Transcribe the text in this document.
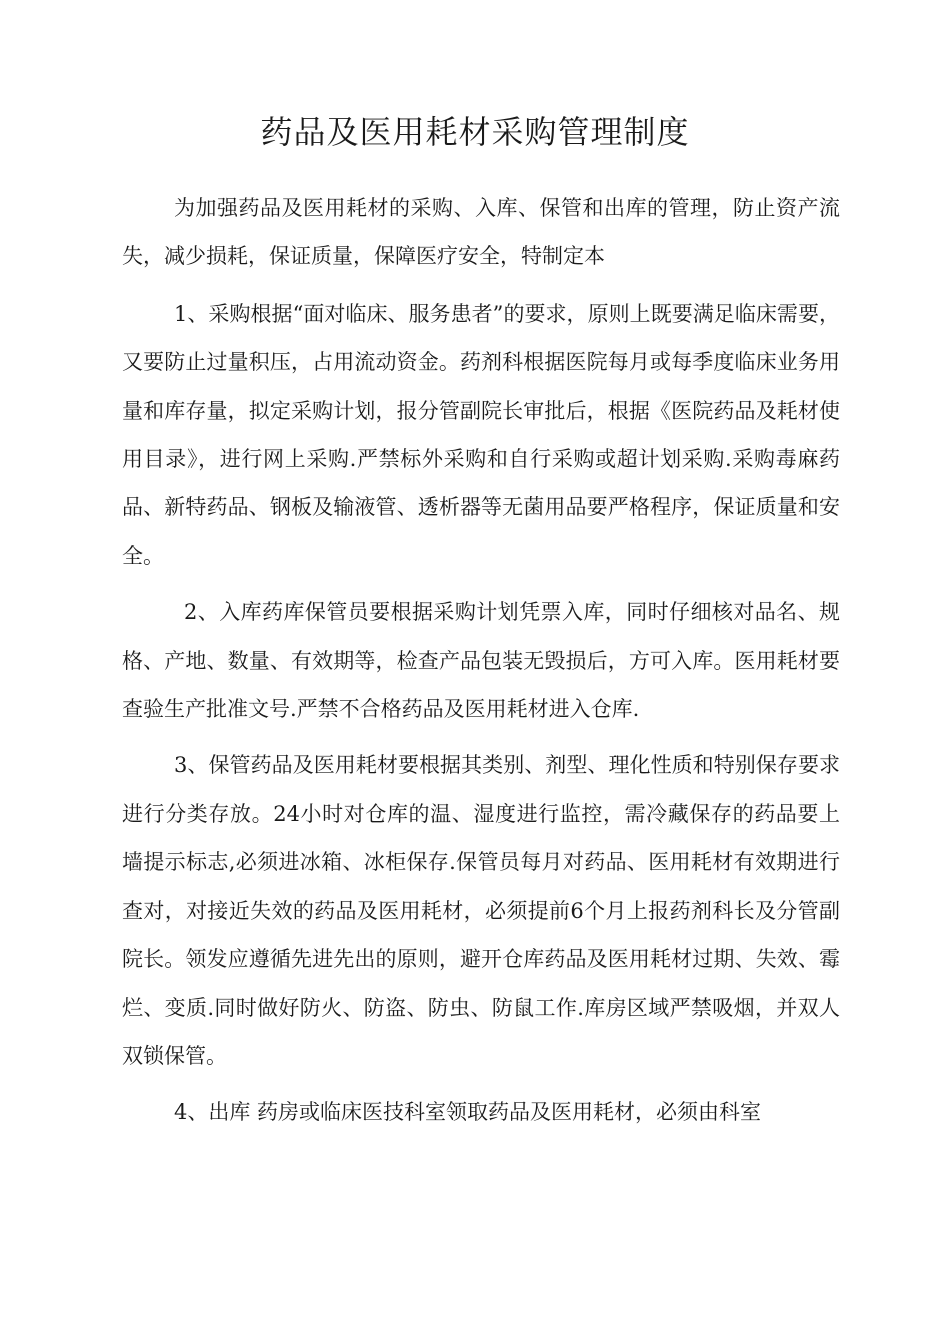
药品及医用耗材采购管理制度

为加强药品及医用耗材的采购、入库、保管和出库的管理，防止资产流失，减少损耗，保证质量，保障医疗安全，特制定本

1、采购根据“面对临床、服务患者”的要求，原则上既要满足临床需要，又要防止过量积压，占用流动资金。药剂科根据医院每月或每季度临床业务用量和库存量，拟定采购计划，报分管副院长审批后，根据《医院药品及耗材使用目录》，进行网上采购.严禁标外采购和自行采购或超计划采购.采购毒麻药品、新特药品、钢板及输液管、透析器等无菌用品要严格程序，保证质量和安全。

2、入库药库保管员要根据采购计划凭票入库，同时仔细核对品名、规格、产地、数量、有效期等，检查产品包装无毁损后，方可入库。医用耗材要查验生产批准文号.严禁不合格药品及医用耗材进入仓库.

3、保管药品及医用耗材要根据其类别、剂型、理化性质和特别保存要求进行分类存放。24小时对仓库的温、湿度进行监控，需冷藏保存的药品要上墙提示标志,必须进冰箱、冰柜保存.保管员每月对药品、医用耗材有效期进行查对，对接近失效的药品及医用耗材，必须提前6个月上报药剂科长及分管副院长。领发应遵循先进先出的原则，避开仓库药品及医用耗材过期、失效、霉烂、变质.同时做好防火、防盗、防虫、防鼠工作.库房区域严禁吸烟，并双人双锁保管。

4、出库 药房或临床医技科室领取药品及医用耗材，必须由科室
